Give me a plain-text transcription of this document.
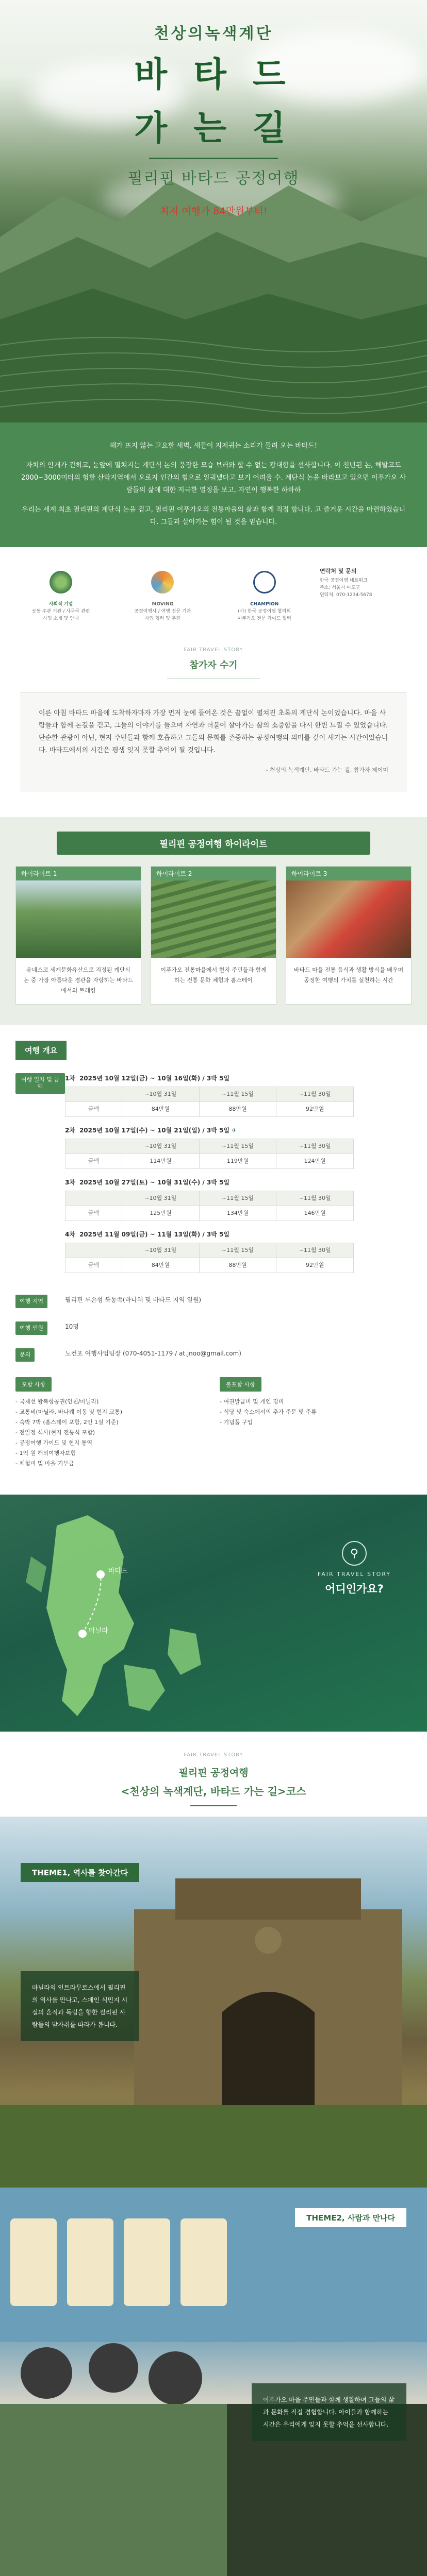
천상의녹색계단
바 타 드
가 는 길
필리핀 바타드 공정여행
최저 여행가 84만원부터!

해가 뜨지 않는 고요한 새벽, 새들이 지저귀는 소리가 들려 오는 바타드!

자치의 안개가 걷히고, 눈앞에 펼쳐지는 계단식 논의 웅장한 모습 보러와 할 수 없는 광대함을 선사합니다. 이 천년된 논, 해발고도 2000~3000미터의 험한 산악지역에서 오로지 인간의 힘으로 일궈냈다고 보기 어려울 수. 계단식 논을 바라보고 있으면 이푸가오 사람들의 삶에 대한 지극한 열정을 보고, 자연이 행복한 하하하

우리는 세계 최초 필리핀의 계단식 논을 걷고, 필리핀 이푸가오의 전통마을의 삶과 함께 직접 합니다. 고 즐거운 시간을 마련하였습니다. 그들과 살아가는 힘이 될 것을 믿습니다.

사회적 기업
공동 주관 기관 / 사무국 관련
사업 소개 및 안내
MOVING
공정여행사 / 여행 전문 기관
사업 협력 및 추진
CHAMPION
(사) 한국 공정여행 협의회
이푸가오 전문 가이드 협력
연락처 및 문의
한국 공정여행 네트워크
주소: 서울시 마포구
연락처: 070-1234-5678
FAIR TRAVEL STORY
참가자 수기
이른 아침 바타드 마을에 도착하자마자 가장 먼저 눈에 들어온 것은 끝없이 펼쳐진 초록의 계단식 논이었습니다. 마을 사람들과 함께 논길을 걷고, 그들의 이야기를 들으며 자연과 더불어 살아가는 삶의 소중함을 다시 한번 느낄 수 있었습니다. 단순한 관광이 아닌, 현지 주민들과 함께 호흡하고 그들의 문화를 존중하는 공정여행의 의미를 깊이 새기는 시간이었습니다. 바타드에서의 시간은 평생 잊지 못할 추억이 될 것입니다.
- 천상의 녹색계단, 바타드 가는 길, 참가자 제이미
필리핀 공정여행 하이라이트
하이라이트 1
유네스코 세계문화유산으로 지정된 계단식 논 중 가장 아름다운 경관을 자랑하는 바타드에서의 트레킹
하이라이트 2
이푸가오 전통마을에서 현지 주민들과 함께하는 전통 문화 체험과 홈스테이
하이라이트 3
바타드 마을 전통 음식과 생활 방식을 배우며 공정한 여행의 가치를 실천하는 시간
여행 개요
여행 일자 및 금액
1차 2025년 10월 12일(금) ~ 10월 16일(화) / 3박 5일
	~10월 31일	~11월 15일	~11월 30일
금액	84만원	88만원	92만원
2차 2025년 10월 17일(수) ~ 10월 21일(일) / 3박 5일 ✈
	~10월 31일	~11월 15일	~11월 30일
금액	114만원	119만원	124만원
3차 2025년 10월 27일(토) ~ 10월 31일(수) / 3박 5일
	~10월 31일	~11월 15일	~11월 30일
금액	125만원	134만원	146만원
4차 2025년 11월 09일(금) ~ 11월 13일(화) / 3박 5일
	~10월 31일	~11월 15일	~11월 30일
금액	84만원	88만원	92만원
여행 지역	필리핀 루손섬 북동쪽(바나웨 및 바타드 지역 일원)
여행 인원	10명
문의	노컨포 여행사업팀장 (070-4051-1179 / at.jnoo@gmail.com)
포함 사항
- 국제선 왕복항공권(인천/마닐라)
- 교통비(마닐라, 바나웨 이동 및 현지 교통)
- 숙박 7박 (홈스테이 포함, 2인 1실 기준)
- 전일정 식사(현지 전통식 포함)
- 공정여행 가이드 및 현지 통역
- 1억 원 해외여행자보험
- 체험비 및 마을 기부금
불포함 사항
- 여권발급비 및 개인 경비
- 식당 및 숙소에서의 추가 주문 및 주류
- 기념품 구입
바타드
마닐라
⚲
FAIR TRAVEL STORY
어디인가요?
FAIR TRAVEL STORY
필리핀 공정여행
<천상의 녹색계단, 바타드 가는 길>코스
THEME1, 역사를 찾아간다
마닐라의 인트라무로스에서 필리핀의 역사를 만나고, 스페인 식민지 시절의 흔적과 독립을 향한 필리핀 사람들의 발자취를 따라가 봅니다.
THEME2, 사람과 만나다
이푸가오 마을 주민들과 함께 생활하며 그들의 삶과 문화를 직접 경험합니다. 아이들과 함께하는 시간은 우리에게 잊지 못할 추억을 선사합니다.
